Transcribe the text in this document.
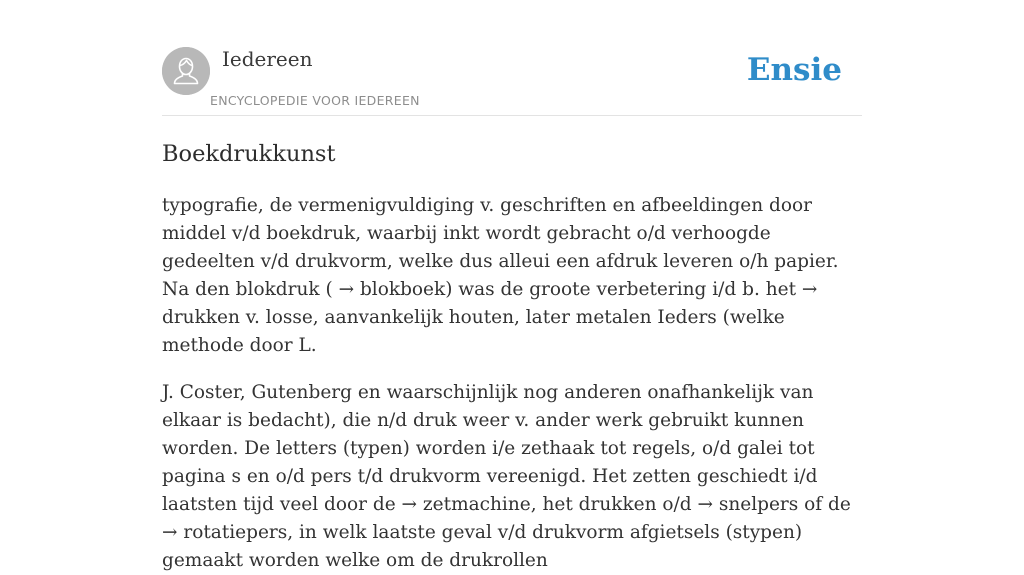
Iedereen
ENCYCLOPEDIE VOOR IEDEREEN
Ensie
Boekdrukkunst

typografie, de vermenigvuldiging v. geschriften en afbeeldingen door middel v/d boekdruk, waarbij inkt wordt gebracht o/d verhoogde gedeelten v/d drukvorm, welke dus alleui een afdruk leveren o/h papier. Na den blokdruk ( → blokboek) was de groote verbetering i/d b. het → drukken v. losse, aanvankelijk houten, later metalen Ieders (welke methode door L.

J. Coster, Gutenberg en waarschijnlijk nog anderen onafhankelijk van elkaar is bedacht), die n/d druk weer v. ander werk gebruikt kunnen worden. De letters (typen) worden i/e zethaak tot regels, o/d galei tot pagina s en o/d pers t/d drukvorm vereenigd. Het zetten geschiedt i/d laatsten tijd veel door de → zetmachine, het drukken o/d → snelpers of de → rotatiepers, in welk laatste geval v/d drukvorm afgietsels (stypen) gemaakt worden welke om de drukrollen
